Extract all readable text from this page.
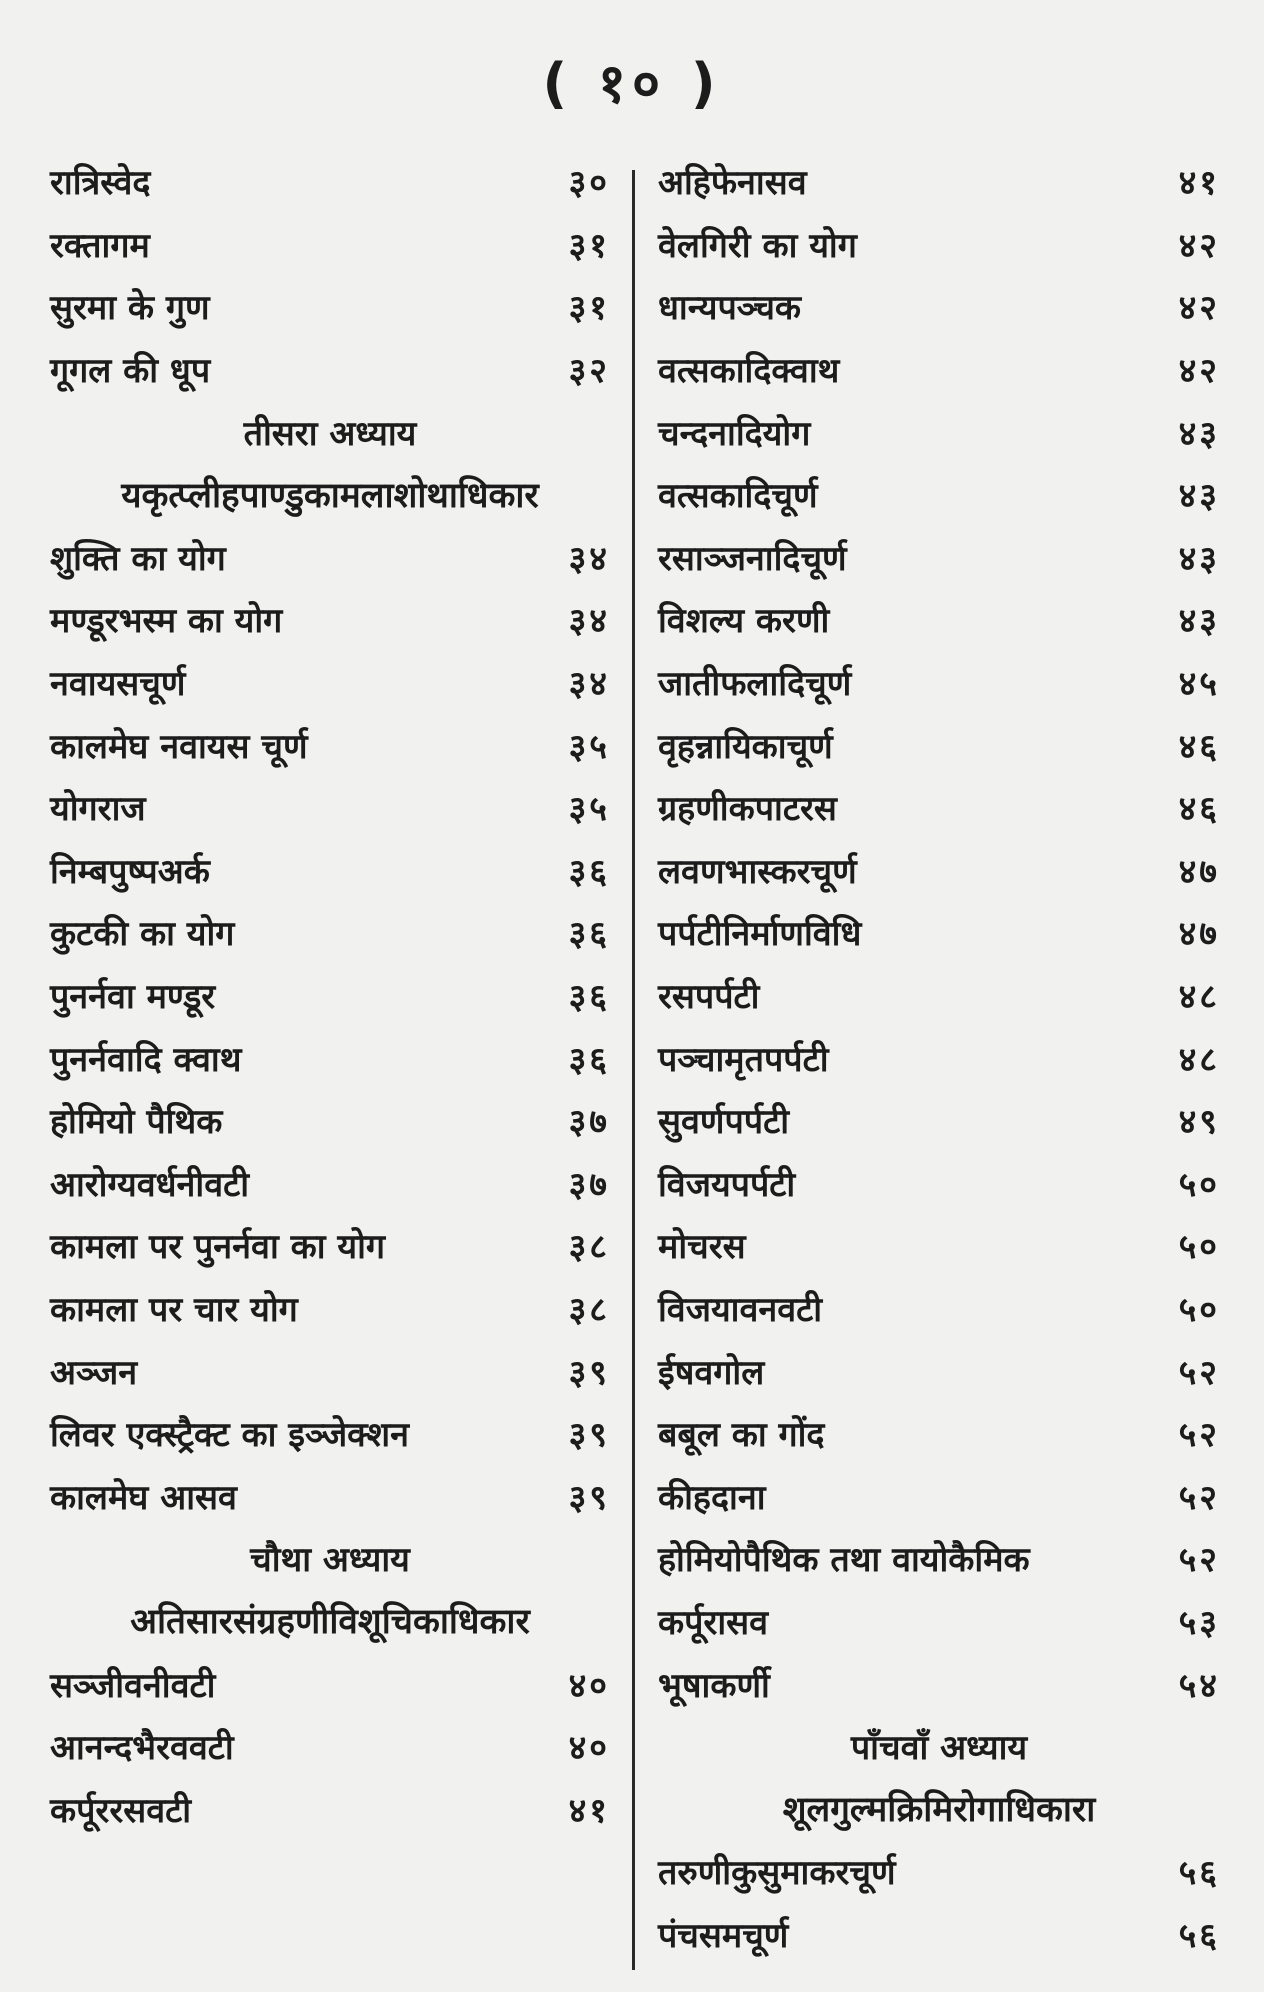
( १० )
रात्रिस्वेद	३०
रक्तागम	३१
सुरमा के गुण	३१
गूगल की धूप	३२
तीसरा अध्याय
यकृत्प्लीहपाण्डुकामलाशोथाधिकार
शुक्ति का योग	३४
मण्डूरभस्म का योग	३४
नवायसचूर्ण	३४
कालमेघ नवायस चूर्ण	३५
योगराज	३५
निम्बपुष्पअर्क	३६
कुटकी का योग	३६
पुनर्नवा मण्डूर	३६
पुनर्नवादि क्वाथ	३६
होमियो पैथिक	३७
आरोग्यवर्धनीवटी	३७
कामला पर पुनर्नवा का योग	३८
कामला पर चार योग	३८
अञ्जन	३९
लिवर एक्स्ट्रैक्ट का इञ्जेक्शन	३९
कालमेघ आसव	३९
चौथा अध्याय
अतिसारसंग्रहणीविशूचिकाधिकार
सञ्जीवनीवटी	४०
आनन्दभैरववटी	४०
कर्पूररसवटी	४१
अहिफेनासव	४१
वेलगिरी का योग	४२
धान्यपञ्चक	४२
वत्सकादिक्वाथ	४२
चन्दनादियोग	४३
वत्सकादिचूर्ण	४३
रसाञ्जनादिचूर्ण	४३
विशल्य करणी	४३
जातीफलादिचूर्ण	४५
वृहन्नायिकाचूर्ण	४६
ग्रहणीकपाटरस	४६
लवणभास्करचूर्ण	४७
पर्पटीनिर्माणविधि	४७
रसपर्पटी	४८
पञ्चामृतपर्पटी	४८
सुवर्णपर्पटी	४९
विजयपर्पटी	५०
मोचरस	५०
विजयावनवटी	५०
ईषवगोल	५२
बबूल का गोंद	५२
कीहदाना	५२
होमियोपैथिक तथा वायोकैमिक	५२
कर्पूरासव	५३
भूषाकर्णी	५४
पाँचवाँ अध्याय
शूलगुल्मक्रिमिरोगाधिकारा
तरुणीकुसुमाकरचूर्ण	५६
पंचसमचूर्ण	५६
